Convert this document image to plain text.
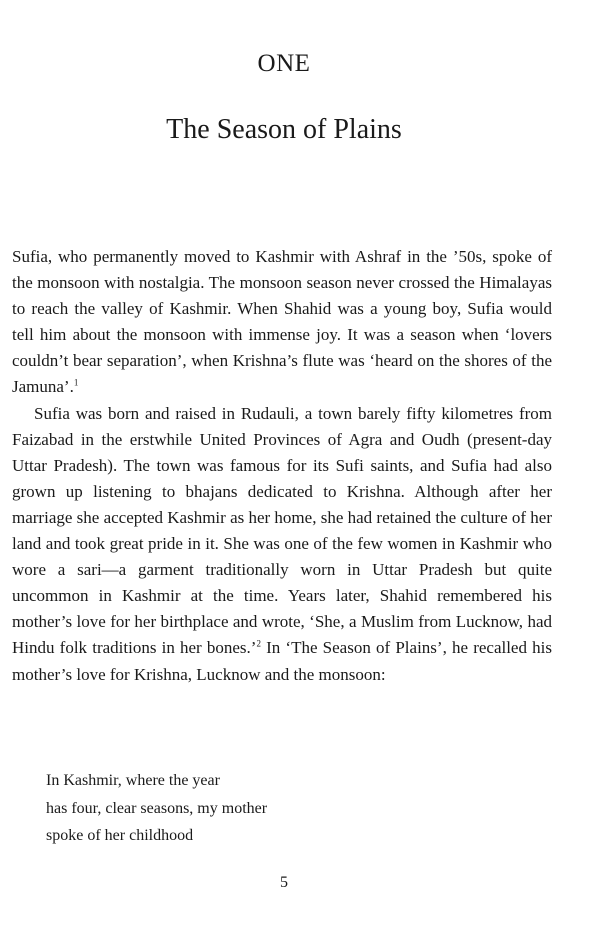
ONE
The Season of Plains

Sufia, who permanently moved to Kashmir with Ashraf in the ’50s, spoke of the monsoon with nostalgia. The monsoon season never crossed the Himalayas to reach the valley of Kashmir. When Shahid was a young boy, Sufia would tell him about the monsoon with immense joy. It was a season when ‘lovers couldn’t bear separation’, when Krishna’s flute was ‘heard on the shores of the Jamuna’.$^1$

Sufia was born and raised in Rudauli, a town barely fifty kilometres from Faizabad in the erstwhile United Provinces of Agra and Oudh (present-day Uttar Pradesh). The town was famous for its Sufi saints, and Sufia had also grown up listening to bhajans dedicated to Krishna. Although after her marriage she accepted Kashmir as her home, she had retained the culture of her land and took great pride in it. She was one of the few women in Kashmir who wore a sari—a garment traditionally worn in Uttar Pradesh but quite uncommon in Kashmir at the time. Years later, Shahid remembered his mother’s love for her birthplace and wrote, ‘She, a Muslim from Lucknow, had Hindu folk traditions in her bones.’$^2$ In ‘The Season of Plains’, he recalled his mother’s love for Krishna, Lucknow and the monsoon:

In Kashmir, where the year
has four, clear seasons, my mother
spoke of her childhood
5
